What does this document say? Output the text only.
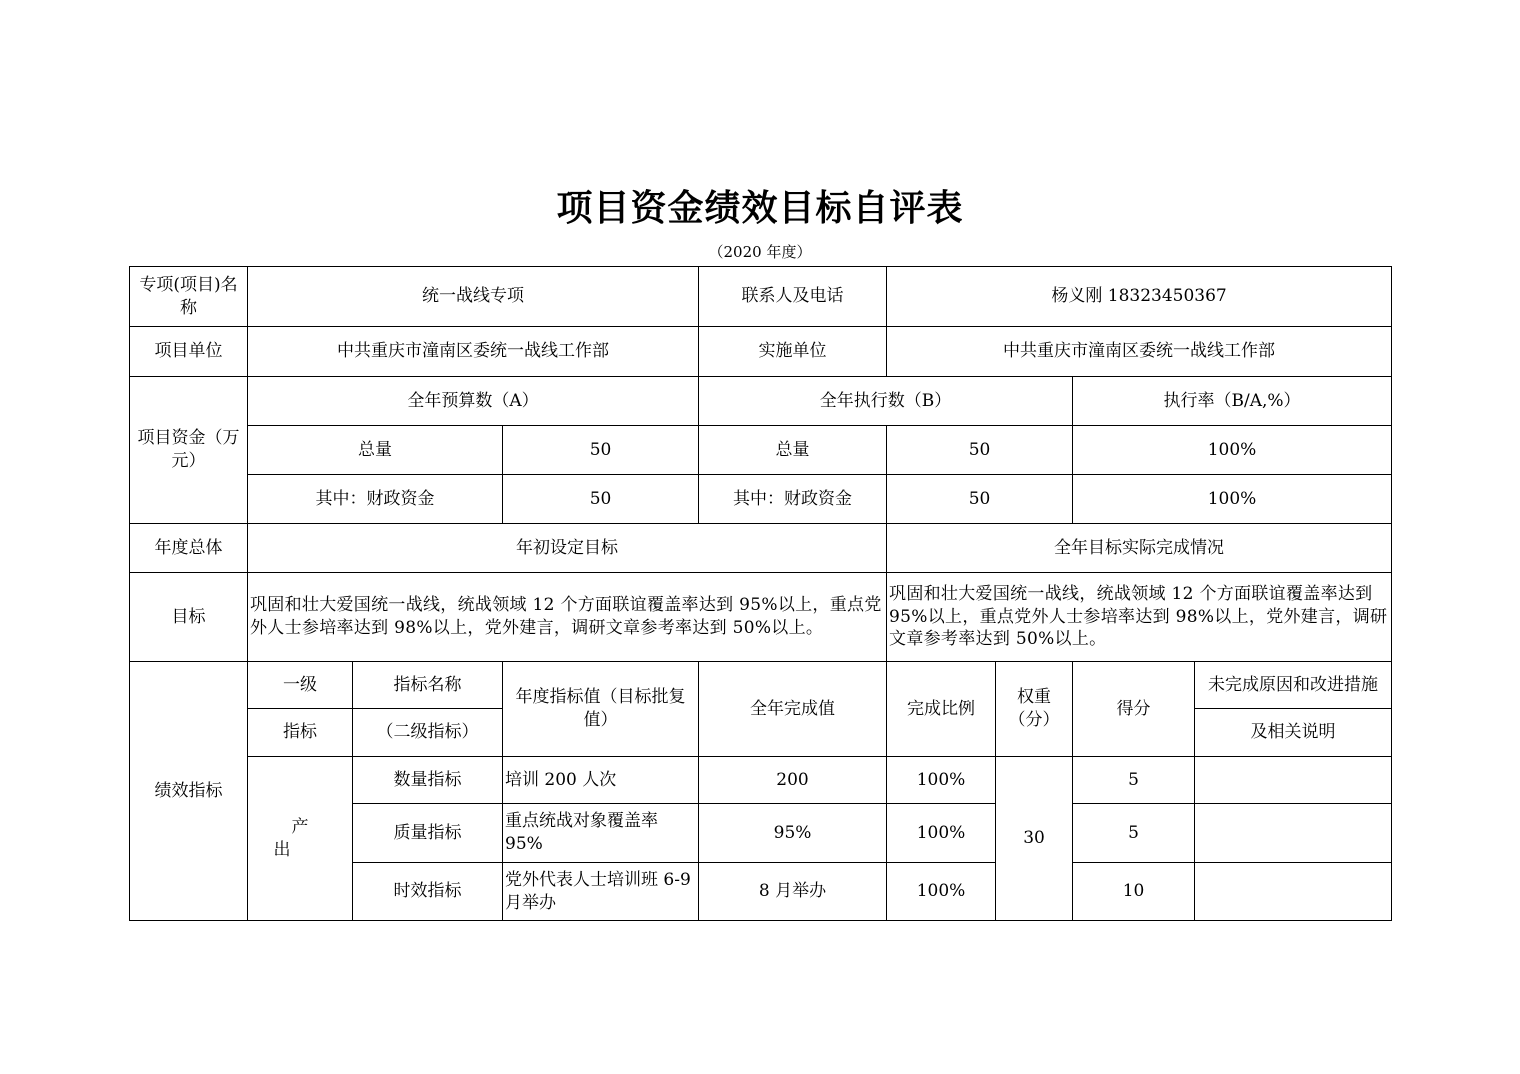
项目资金绩效目标自评表
（2020 年度）
专项(项目)名称	统一战线专项			联系人及电话	杨义刚 18323450367			
项目单位	中共重庆市潼南区委统一战线工作部			实施单位	中共重庆市潼南区委统一战线工作部			
项目资金（万元）	全年预算数（A）			全年执行数（B）			执行率（B/A,%）	
	总量		50	总量	50		100%	
	其中：财政资金		50	其中：财政资金	50		100%	
年度总体	年初设定目标				全年目标实际完成情况			
目标	巩固和壮大爱国统一战线，统战领域 12 个方面联谊覆盖率达到 95%以上，重点党外人士参培率达到 98%以上，党外建言，调研文章参考率达到 50%以上。				巩固和壮大爱国统一战线，统战领域 12 个方面联谊覆盖率达到 95%以上，重点党外人士参培率达到 98%以上，党外建言，调研文章参考率达到 50%以上。			
绩效指标	一级	指标名称	年度指标值（目标批复值）	全年完成值	完成比例	权重（分）	得分	未完成原因和改进措施
	指标	（二级指标）						及相关说明
	产出	数量指标	培训 200 人次	200	100%	30	5	
		质量指标	重点统战对象覆盖率 95%	95%	100%		5	
		时效指标	党外代表人士培训班 6-9 月举办	8 月举办	100%		10	
